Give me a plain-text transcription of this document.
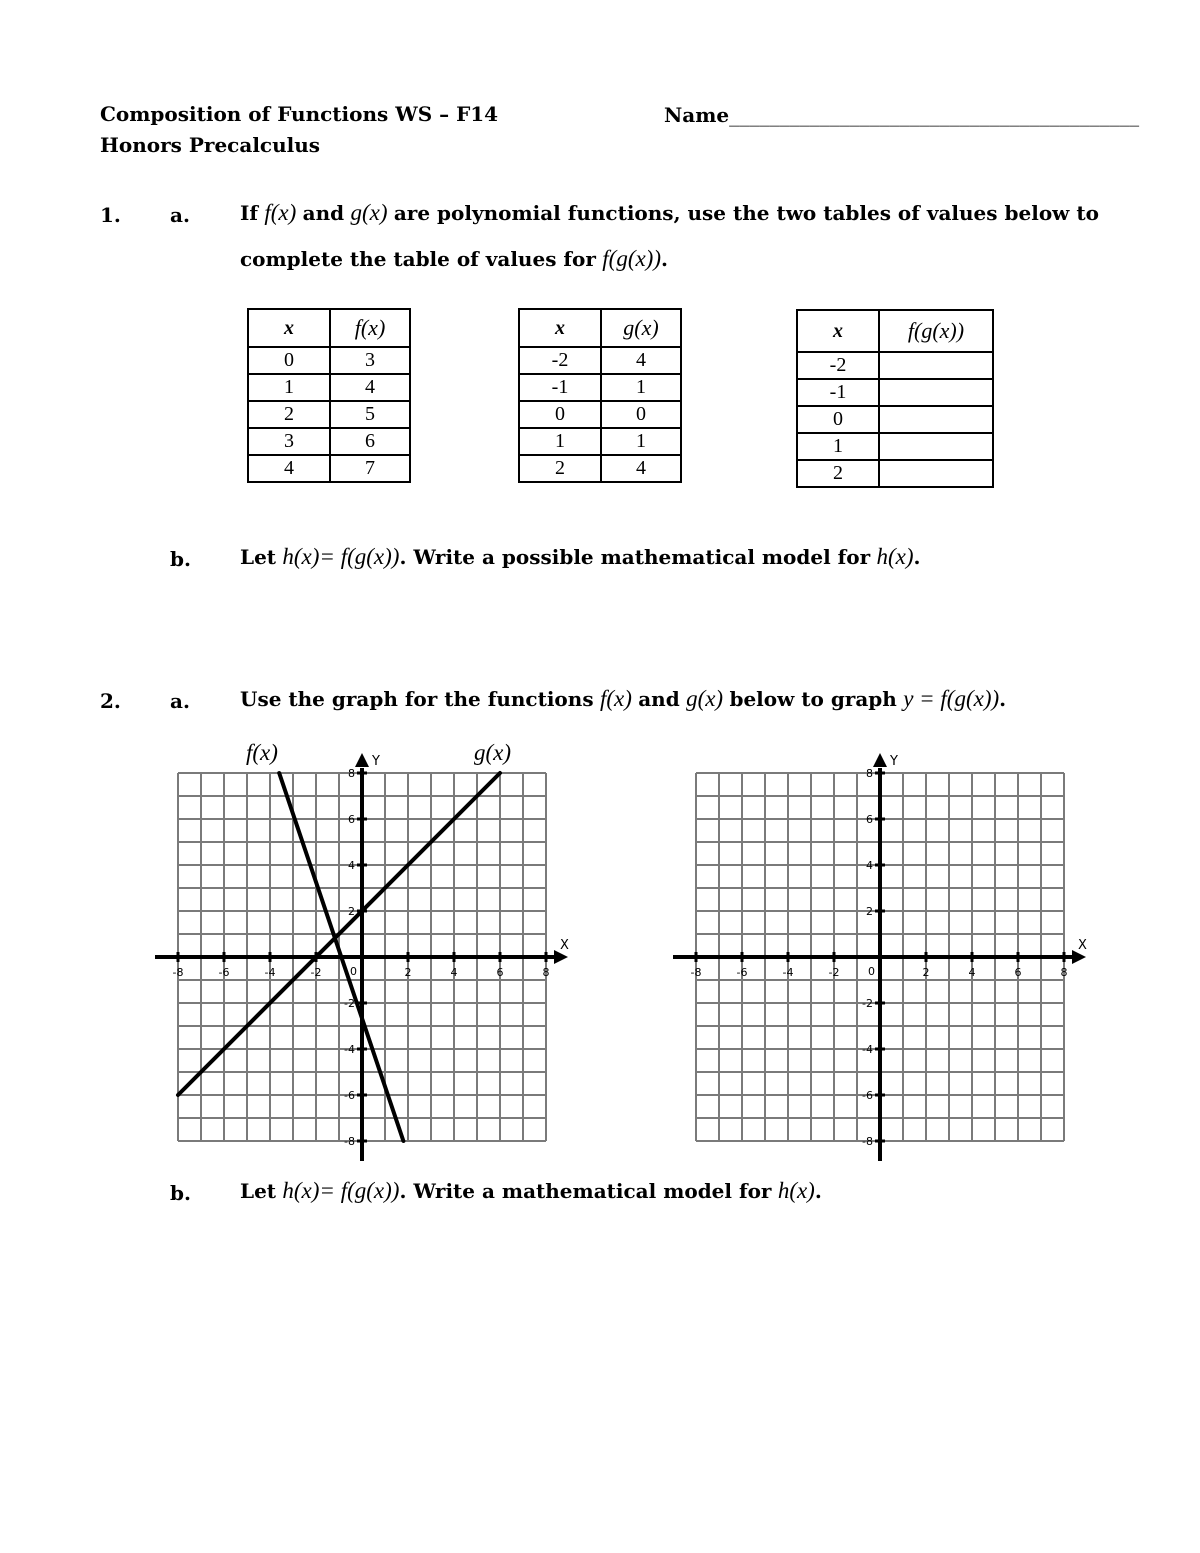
Composition of Functions WS – F14
Honors Precalculus
Name_________________________________________
1. a.	If f(x) and g(x) are polynomial functions, use the two tables of values below to
complete the table of values for f(g(x)).
x	f(x)
0	3
1	4
2	5
3	6
4	7
x	g(x)
-2	4
-1	1
0	0
1	1
2	4
x	f(g(x))
-2	
-1	
0	
1	
2	
b. Let h(x)= f(g(x)). Write a possible mathematical model for h(x).
2. a.	Use the graph for the functions f(x) and g(x) below to graph y = f(g(x)).
f(x)	g(x)
X
Y
0
-8	-6	-4	-2	2	4	6	8
8
6
4
2
-2
-4
-6
-8
X
Y
0
-8	-6	-4	-2	2	4	6	8
8
6
4
2
-2
-4
-6
-8
b. Let h(x)= f(g(x)). Write a mathematical model for h(x).
